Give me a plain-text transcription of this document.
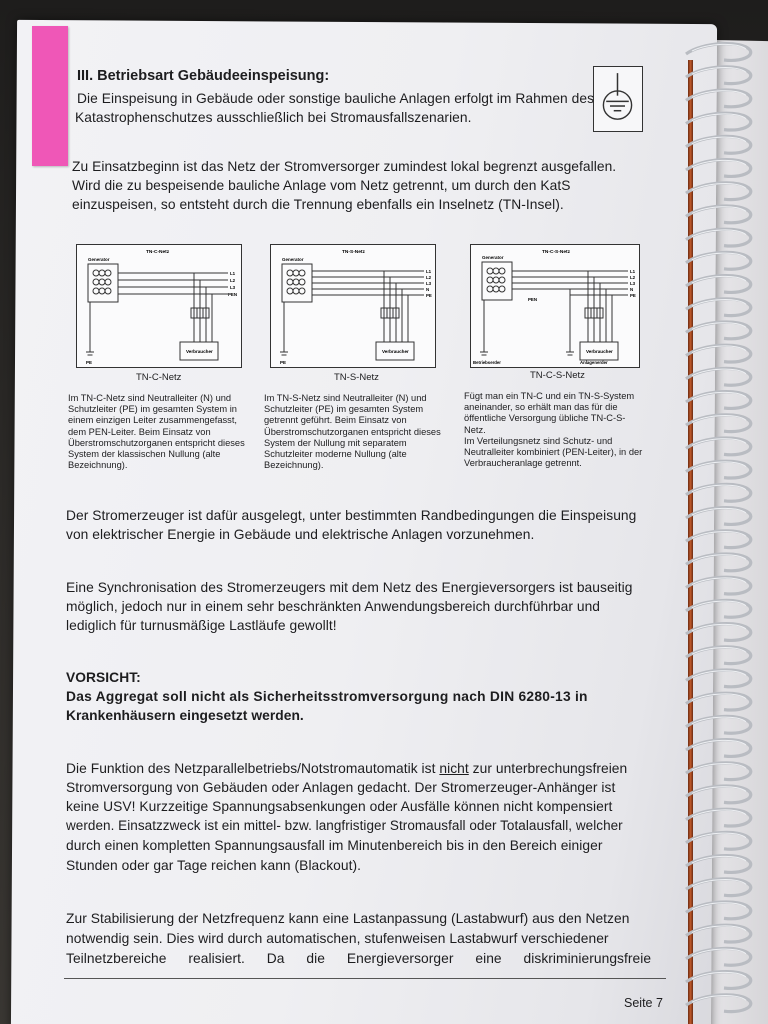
III. Betriebsart Gebäudeeinspeisung:
Die Einspeisung in Gebäude oder sonstige bauliche Anlagen erfolgt im Rahmen des
Katastrophenschutzes ausschließlich bei Stromausfallszenarien.
Zu Einsatzbeginn ist das Netz der Stromversorger zumindest lokal begrenzt ausgefallen.
Wird die zu bespeisende bauliche Anlage vom Netz getrennt, um durch den KatS
einzuspeisen, so entsteht durch die Trennung ebenfalls ein Inselnetz (TN-Insel).
TN-C-Netz
Generator
L1
L2
L3
PEN
Verbraucher
PE
TN-C-Netz
TN-S-Netz
Generator
L1
L2
L3
N
PE
Verbraucher
PE
TN-S-Netz
TN-C-S-Netz
Generator
PEN
L1
L2
L3
N
PE
Verbraucher
Betriebserder	Anlagenerder
TN-C-S-Netz
Im TN-C-Netz sind Neutralleiter (N) und
Schutzleiter (PE) im gesamten System in
einem einzigen Leiter zusammengefasst,
dem PEN-Leiter. Beim Einsatz von
Überstromschutzorganen entspricht dieses
System der klassischen Nullung (alte
Bezeichnung).
Im TN-S-Netz sind Neutralleiter (N) und
Schutzleiter (PE) im gesamten System
getrennt geführt. Beim Einsatz von
Überstromschutzorganen entspricht dieses
System der Nullung mit separatem
Schutzleiter moderne Nullung (alte
Bezeichnung).
Fügt man ein TN-C und ein TN-S-System
aneinander, so erhält man das für die
öffentliche Versorgung übliche TN-C-S-
Netz.
Im Verteilungsnetz sind Schutz- und
Neutralleiter kombiniert (PEN-Leiter), in der
Verbraucheranlage getrennt.
Der Stromerzeuger ist dafür ausgelegt, unter bestimmten Randbedingungen die Einspeisung
von elektrischer Energie in Gebäude und elektrische Anlagen vorzunehmen.
Eine Synchronisation des Stromerzeugers mit dem Netz des Energieversorgers ist bauseitig
möglich, jedoch nur in einem sehr beschränkten Anwendungsbereich durchführbar und
lediglich für turnusmäßige Lastläufe gewollt!
VORSICHT:
Das Aggregat soll nicht als Sicherheitsstromversorgung nach DIN 6280-13 in
Krankenhäusern eingesetzt werden.
Die Funktion des Netzparallelbetriebs/Notstromautomatik ist nicht zur unterbrechungsfreien
Stromversorgung von Gebäuden oder Anlagen gedacht. Der Stromerzeuger-Anhänger ist
keine USV! Kurzzeitige Spannungsabsenkungen oder Ausfälle können nicht kompensiert
werden. Einsatzzweck ist ein mittel- bzw. langfristiger Stromausfall oder Totalausfall, welcher
durch einen kompletten Spannungsausfall im Minutenbereich bis in den Bereich einiger
Stunden oder gar Tage reichen kann (Blackout).
Zur Stabilisierung der Netzfrequenz kann eine Lastanpassung (Lastabwurf) aus den Netzen
notwendig sein. Dies wird durch automatischen, stufenweisen Lastabwurf verschiedener
Teilnetzbereiche realisiert. Da die Energieversorger eine diskriminierungsfreie
Seite 7
